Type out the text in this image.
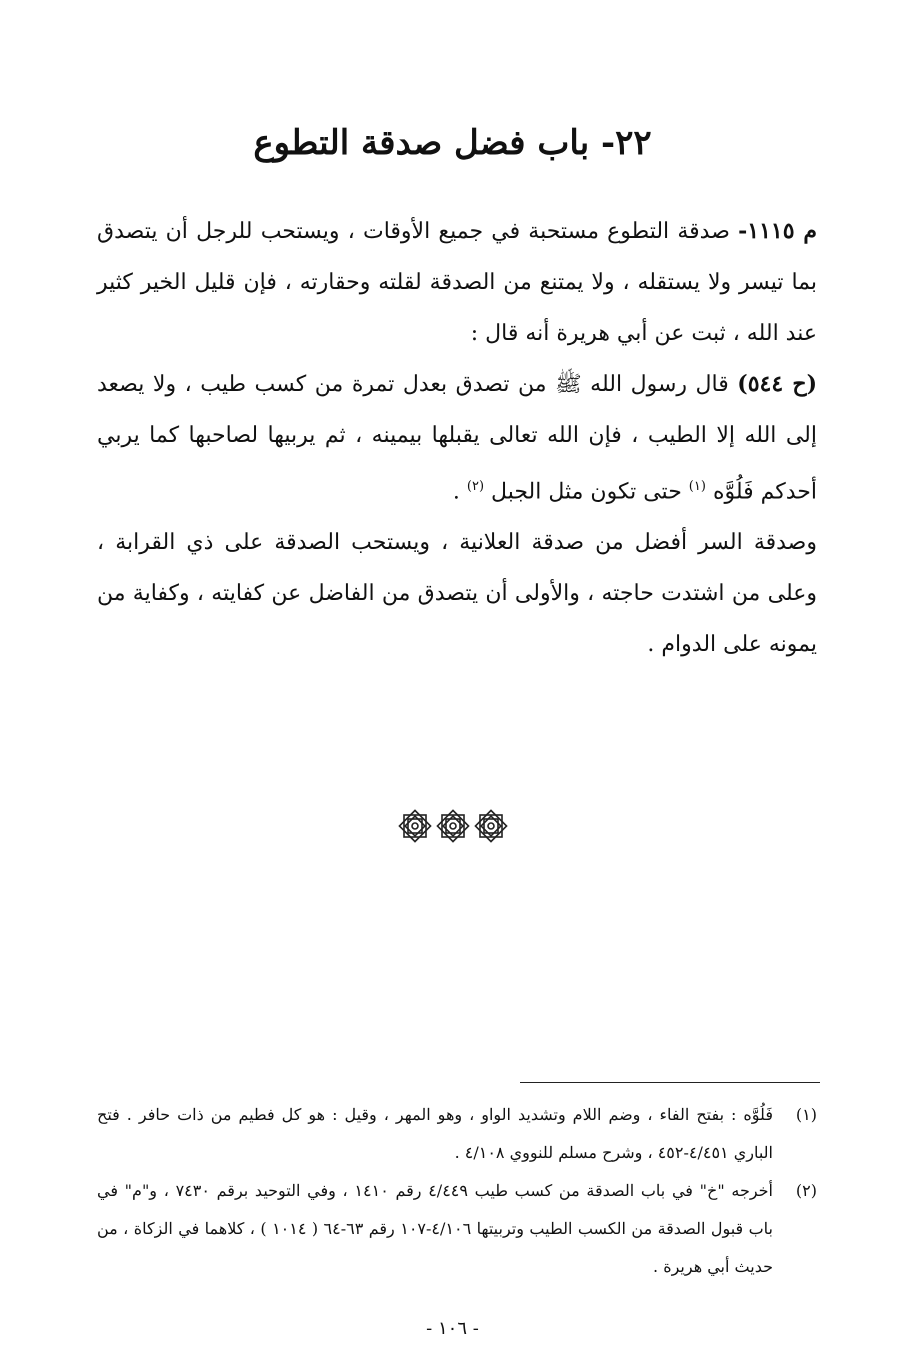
٢٢- باب فضل صدقة التطوع

م ١١١٥- صدقة التطوع مستحبة في جميع الأوقات ، ويستحب للرجل أن يتصدق بما تيسر ولا يستقله ، ولا يمتنع من الصدقة لقلته وحقارته ، فإن قليل الخير كثير عند الله ، ثبت عن أبي هريرة أنه قال :

(ح ٥٤٤) قال رسول الله ﷺ من تصدق بعدل تمرة من كسب طيب ، ولا يصعد إلى الله إلا الطيب ، فإن الله تعالى يقبلها بيمينه ، ثم يربيها لصاحبها كما يربي أحدكم فَلُوَّه $^{(١)}$ حتى تكون مثل الجبل $^{(٢)}$ .

وصدقة السر أفضل من صدقة العلانية ، ويستحب الصدقة على ذي القرابة ، وعلى من اشتدت حاجته ، والأولى أن يتصدق من الفاضل عن كفايته ، وكفاية من يمونه على الدوام .

(١)
فَلُوَّه : بفتح الفاء ، وضم اللام وتشديد الواو ، وهو المهر ، وقيل : هو كل فطيم من ذات حافر . فتح الباري ٤/٤٥١-٤٥٢ ، وشرح مسلم للنووي ٤/١٠٨ .

(٢)
أخرجه "خ" في باب الصدقة من كسب طيب ٤/٤٤٩ رقم ١٤١٠ ، وفي التوحيد برقم ٧٤٣٠ ، و"م" في باب قبول الصدقة من الكسب الطيب وتربيتها ٤/١٠٦-١٠٧ رقم ٦٣-٦٤ ( ١٠١٤ ) ، كلاهما في الزكاة ، من حديث أبي هريرة .

- ١٠٦ -
